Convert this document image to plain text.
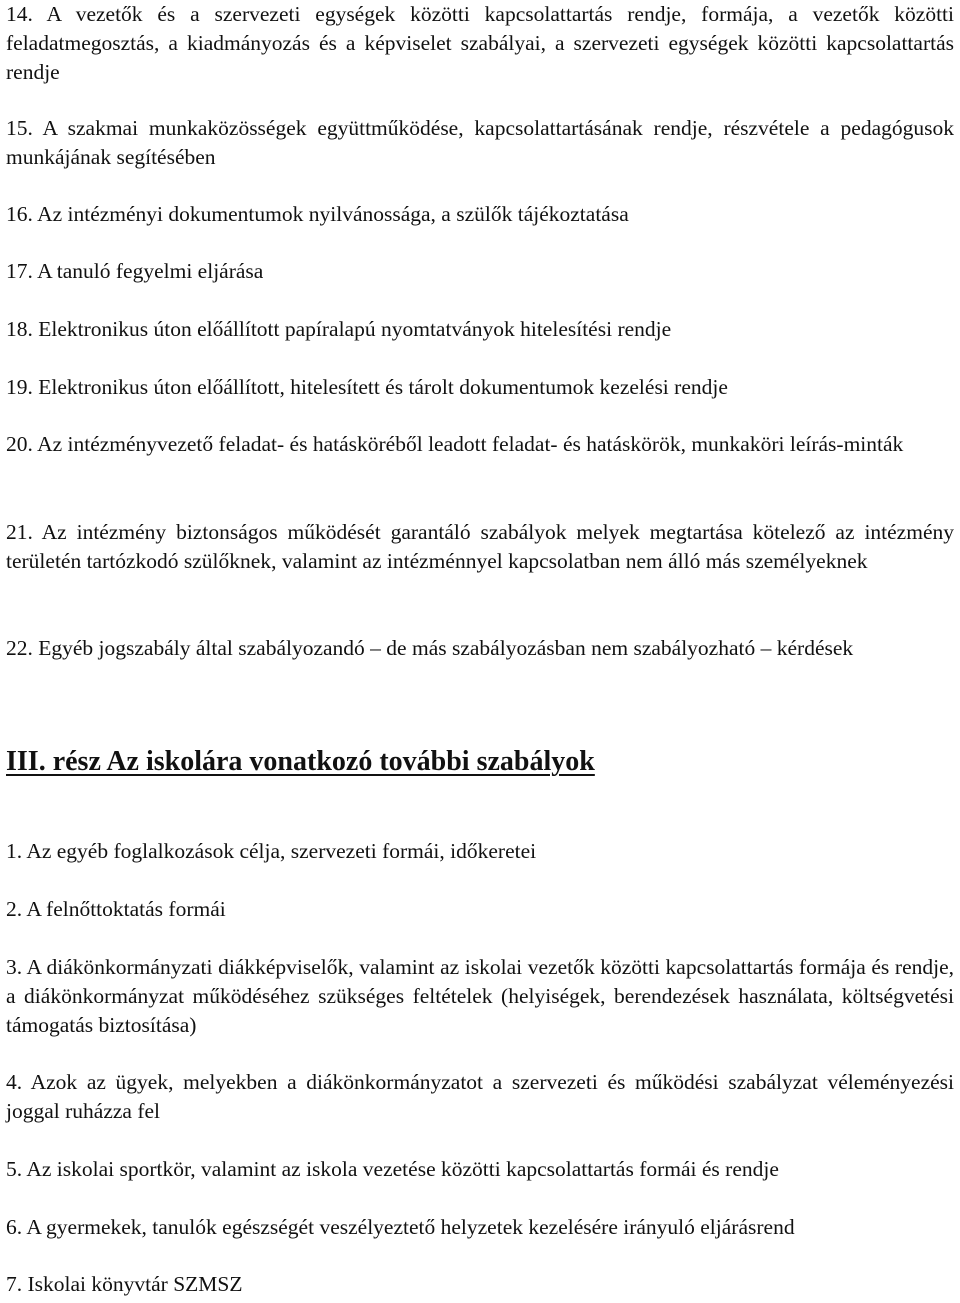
14. A vezetők és a szervezeti egységek közötti kapcsolattartás rendje, formája, a vezetők közötti feladatmegosztás, a kiadmányozás és a képviselet szabályai, a szervezeti egységek közötti kapcsolattartás rendje

15. A szakmai munkaközösségek együttműködése, kapcsolattartásának rendje, részvétele a pedagógusok munkájának segítésében

16. Az intézményi dokumentumok nyilvánossága, a szülők tájékoztatása

17. A tanuló fegyelmi eljárása

18. Elektronikus úton előállított papíralapú nyomtatványok hitelesítési rendje

19. Elektronikus úton előállított, hitelesített és tárolt dokumentumok kezelési rendje

20. Az intézményvezető feladat- és hatásköréből leadott feladat- és hatáskörök, munkaköri leírás-minták

21. Az intézmény biztonságos működését garantáló szabályok melyek megtartása kötelező az intézmény területén tartózkodó szülőknek, valamint az intézménnyel kapcsolatban nem álló más személyeknek

22. Egyéb jogszabály által szabályozandó – de más szabályozásban nem szabályozható – kérdések

III. rész Az iskolára vonatkozó további szabályok

1. Az egyéb foglalkozások célja, szervezeti formái, időkeretei

2. A felnőttoktatás formái

3. A diákönkormányzati diákképviselők, valamint az iskolai vezetők közötti kapcsolattartás formája és rendje, a diákönkormányzat működéséhez szükséges feltételek (helyiségek, berendezések használata, költségvetési támogatás biztosítása)

4. Azok az ügyek, melyekben a diákönkormányzatot a szervezeti és működési szabályzat véleményezési joggal ruházza fel

5. Az iskolai sportkör, valamint az iskola vezetése közötti kapcsolattartás formái és rendje

6. A gyermekek, tanulók egészségét veszélyeztető helyzetek kezelésére irányuló eljárásrend

7. Iskolai könyvtár SZMSZ
